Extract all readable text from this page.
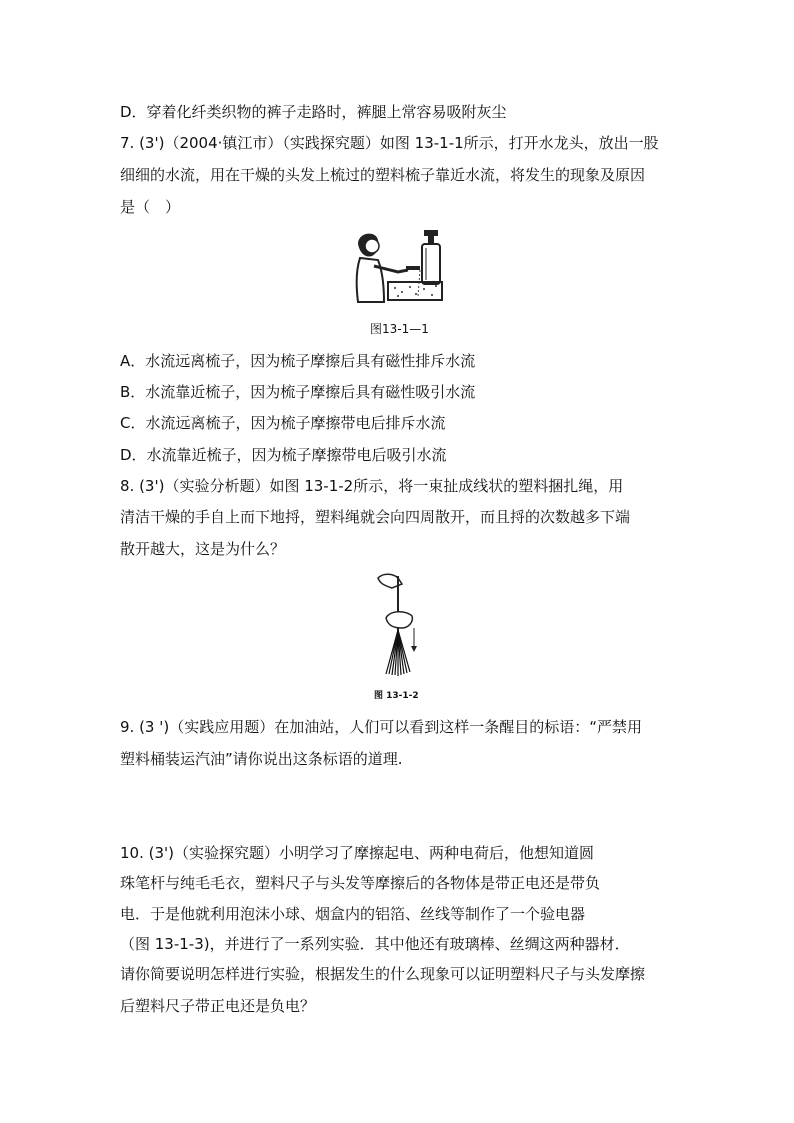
D．穿着化纤类织物的裤子走路时，裤腿上常容易吸附灰尘
7. (3')（2004·镇江市）（实践探究题）如图 13-1-1所示，打开水龙头，放出一股
细细的水流，用在干燥的头发上梳过的塑料梳子靠近水流，将发生的现象及原因
是（　）
图13-1—1
A．水流远离梳子，因为梳子摩擦后具有磁性排斥水流
B．水流靠近梳子，因为梳子摩擦后具有磁性吸引水流
C．水流远离梳子，因为梳子摩擦带电后排斥水流
D．水流靠近梳子，因为梳子摩擦带电后吸引水流
8. (3')（实验分析题）如图 13-1-2所示，将一束扯成线状的塑料捆扎绳，用
清洁干燥的手自上而下地捋，塑料绳就会向四周散开，而且捋的次数越多下端
散开越大，这是为什么？
图 13-1-2
9. (3 ')（实践应用题）在加油站，人们可以看到这样一条醒目的标语：“严禁用
塑料桶装运汽油”请你说出这条标语的道理.
10. (3')（实验探究题）小明学习了摩擦起电、两种电荷后，他想知道圆
珠笔杆与纯毛毛衣，塑料尺子与头发等摩擦后的各物体是带正电还是带负
电．于是他就利用泡沫小球、烟盒内的铝箔、丝线等制作了一个验电器
（图 13-1-3)，并进行了一系列实验．其中他还有玻璃棒、丝绸这两种器材．
请你简要说明怎样进行实验，根据发生的什么现象可以证明塑料尺子与头发摩擦
后塑料尺子带正电还是负电？
